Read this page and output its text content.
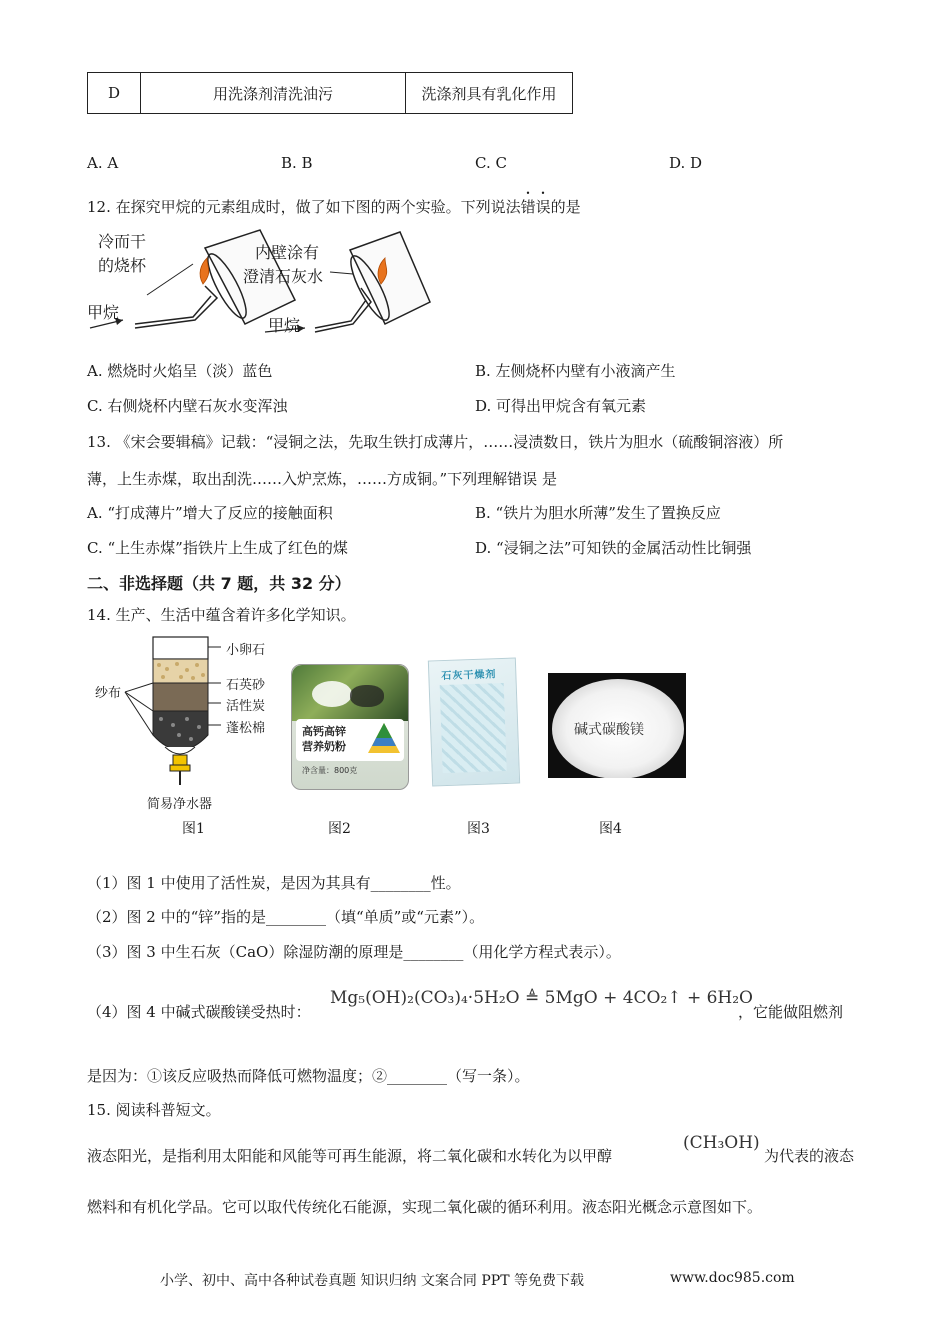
D	用洗涤剂清洗油污	洗涤剂具有乳化作用
A. A	B. B	C. C	D. D
12. 在探究甲烷的元素组成时，做了如下图的两个实验。下列说法错误的是
冷而干
的烧杯
甲烷
内壁涂有
澄清石灰水
甲烷
A. 燃烧时火焰呈（淡）蓝色	B. 左侧烧杯内壁有小液滴产生
C. 右侧烧杯内壁石灰水变浑浊	D. 可得出甲烷含有氧元素
13. 《宋会要辑稿》记载：“浸铜之法，先取生铁打成薄片，……浸渍数日，铁片为胆水（硫酸铜溶液）所
薄，上生赤煤，取出刮洗……入炉烹炼，……方成铜。”下列理解错误 是
A. “打成薄片”增大了反应的接触面积	B. “铁片为胆水所薄”发生了置换反应
C. “上生赤煤”指铁片上生成了红色的煤	D. “浸铜之法”可知铁的金属活动性比铜强
二、非选择题（共 7 题，共 32 分）
14. 生产、生活中蕴含着许多化学知识。
纱布
小卵石
石英砂
活性炭
蓬松棉
简易净水器
图1
高钙高锌
营养奶粉
净含量：800克
图2
石灰干燥剂
图3
碱式碳酸镁
图4
（1）图 1 中使用了活性炭，是因为其具有________性。
（2）图 2 中的“锌”指的是________（填“单质”或“元素”）。
（3）图 3 中生石灰（CaO）除湿防潮的原理是________（用化学方程式表示）。
（4）图 4 中碱式碳酸镁受热时：
Mg₅(OH)₂(CO₃)₄·5H₂O ≜ 5MgO + 4CO₂↑ + 6H₂O
，它能做阻燃剂
是因为：①该反应吸热而降低可燃物温度；②________（写一条）。
15. 阅读科普短文。
液态阳光，是指利用太阳能和风能等可再生能源，将二氧化碳和水转化为以甲醇
(CH₃OH)
为代表的液态
燃料和有机化学品。它可以取代传统化石能源，实现二氧化碳的循环利用。液态阳光概念示意图如下。
小学、初中、高中各种试卷真题 知识归纳 文案合同 PPT 等免费下载	www.doc985.com
